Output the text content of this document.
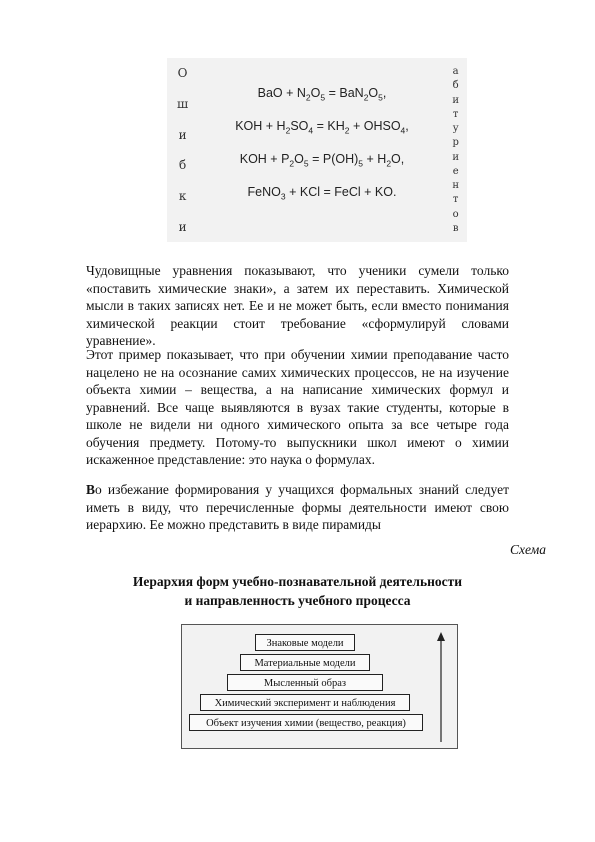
О
ш
и
б
к
и
BaO + $N_2O_5 = BaN_2O_5$,
KOH + $H_2SO_4 = KH_2$ + $OHSO_4$,
KOH + $P_2O_5 = P(OH)_5 + H_2O$,
FeNO$_3$ + KCl = FeCl + KO.
а
б
и
т
у
р
и
е
н
т
о
в

Чудовищные уравнения показывают, что ученики сумели только «поставить химические знаки», а затем их переставить. Химической мысли в таких записях нет. Ее и не может быть, если вместо понимания химической реакции стоит требование «сформулируй словами уравнение».

Этот пример показывает, что при обучении химии преподавание часто нацелено не на осознание самих химических процессов, не на изучение объекта химии – вещества, а на написание химических формул и уравнений. Все чаще выявляются в вузах такие студенты, которые в школе не видели ни одного химического опыта за все четыре года обучения предмету. Потому-то выпускники школ имеют о химии искаженное представление: это наука о формулах.

Во избежание формирования у учащихся формальных знаний следует иметь в виду, что перечисленные формы деятельности имеют свою иерархию. Ее можно представить в виде пирамиды

Схема
Иерархия форм учебно-познавательной деятельности
и направленность учебного процесса
Знаковые модели
Материальные модели
Мысленный образ
Химический эксперимент и наблюдения
Объект изучения химии (вещество, реакция)
